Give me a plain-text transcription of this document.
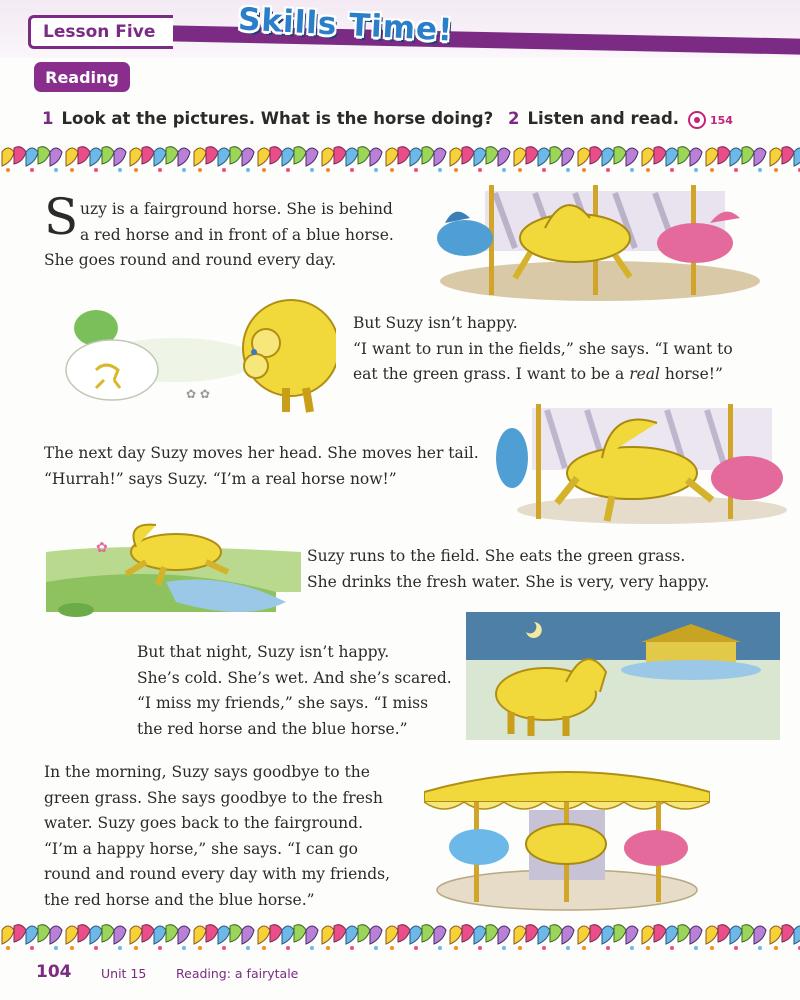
Lesson Five	Skills Time!
Reading
1 Look at the pictures. What is the horse doing? 2 Listen and read.	154
S uzy is a fairground horse. She is behind
a red horse and in front of a blue horse.
She goes round and round every day.
✿ ✿
But Suzy isn’t happy.
“I want to run in the fields,” she says. “I want to
eat the green grass. I want to be a real horse!”
The next day Suzy moves her head. She moves her tail.
“Hurrah!” says Suzy. “I’m a real horse now!”
✿	Suzy runs to the field. She eats the green grass.
She drinks the fresh water. She is very, very happy.
But that night, Suzy isn’t happy.
She’s cold. She’s wet. And she’s scared.
“I miss my friends,” she says. “I miss
the red horse and the blue horse.”
In the morning, Suzy says goodbye to the
green grass. She says goodbye to the fresh
water. Suzy goes back to the fairground.
“I’m a happy horse,” she says. “I can go
round and round every day with my friends,
the red horse and the blue horse.”
104 Unit 15 Reading: a fairytale
